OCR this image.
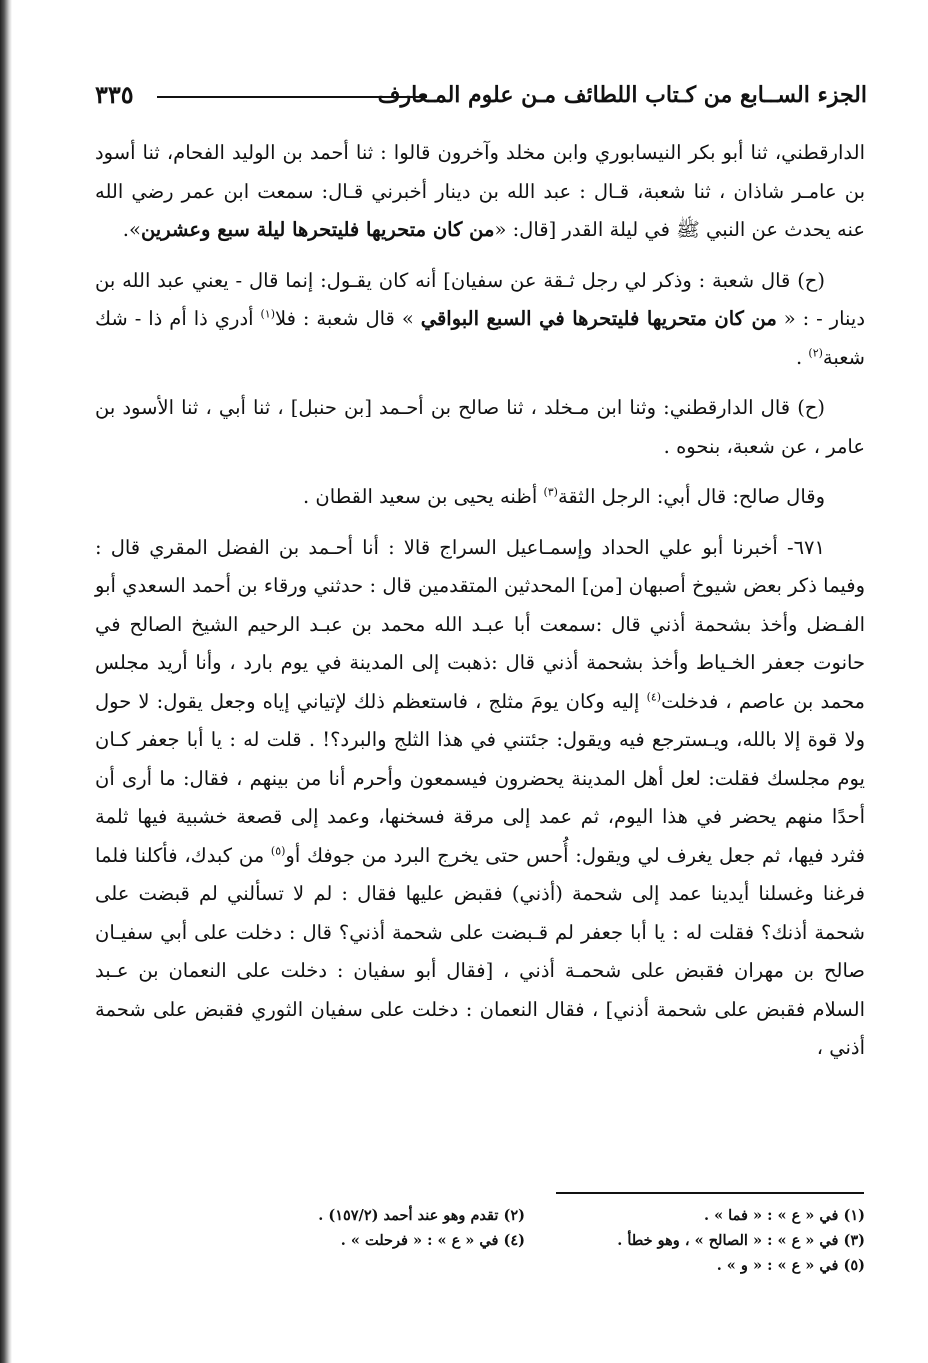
الجزء الســابع من كـتاب اللطائف مـن علوم المـعارف
٣٣٥

الدارقطني، ثنا أبو بكر النيسابوري وابن مخلد وآخرون قالوا : ثنا أحمد بن الوليد الفحام، ثنا أسود بن عامـر شاذان ، ثنا شعبة، قـال : عبد الله بن دينار أخبرني قـال: سمعت ابن عمر رضي الله عنه يحدث عن النبي ﷺ في ليلة القدر [قال: «من كان متحريها فليتحرها ليلة سبع وعشرين».

(ح) قال شعبة : وذكر لي رجل ثـقة عن سفيان] أنه كان يقـول: إنما قال - يعني عبد الله بن دينار - : « من كان متحريها فليتحرها في السبع البواقي » قال شعبة : فلا$^{(١)}$ أدري ذا أم ذا - شك شعبة$^{(٢)}$ .

(ح) قال الدارقطني: وثنا ابن مـخلد ، ثنا صالح بن أحـمد [بن حنبل] ، ثنا أبي ، ثنا الأسود بن عامر ، عن شعبة، بنحوه .

وقال صالح: قال أبي: الرجل الثقة$^{(٣)}$ أظنه يحيى بن سعيد القطان .

٦٧١- أخبرنا أبو علي الحداد وإسمـاعيل السراج قالا : أنا أحـمد بن الفضل المقري قال : وفيما ذكر بعض شيوخ أصبهان [من] المحدثين المتقدمين قال : حدثني ورقاء بن أحمد السعدي أبو الفـضل وأخذ بشحمة أذني قال :سمعت أبا عبـد الله محمد بن عبـد الرحيم الشيخ الصالح في حانوت جعفر الخـياط وأخذ بشحمة أذني قال :ذهبت إلى المدينة في يوم بارد ، وأنا أريد مجلس محمد بن عاصم ، فدخلت$^{(٤)}$ إليه وكان يومَ مثلج ، فاستعظم ذلك لإتياني إياه وجعل يقول: لا حول ولا قوة إلا بالله، ويـسترجع فيه ويقول: جئتني في هذا الثلج والبرد؟! . قلت له : يا أبا جعفر كـان يوم مجلسك فقلت: لعل أهل المدينة يحضرون فيسمعون وأحرم أنا من بينهم ، فقال: ما أرى أن أحدًا منهم يحضر في هذا اليوم، ثم عمد إلى مرقة فسخنها، وعمد إلى قصعة خشبية فيها ثلمة فثرد فيها، ثم جعل يغرف لي ويقول: أُحس حتى يخرج البرد من جوفك أو$^{(٥)}$ من كبدك، فأكلنا فلما فرغنا وغسلنا أيدينا عمد إلى شحمة (أذني) فقبض عليها فقال : لم لا تسألني لم قبضت على شحمة أذنك؟ فقلت له : يا أبا جعفر لم قـبضت على شحمة أذني؟ قال : دخلت على أبي سفيـان صالح بن مهران فقبض على شحمـة أذني ، [فقال أبو سفيان : دخلت على النعمان بن عـبد السلام فقبض على شحمة أذني] ، فقال النعمان : دخلت على سفيان الثوري فقبض على شحمة أذني ،

(١) في « ع » : « فما » .
(٣) في « ع » : « الصالح » ، وهو خطأ .
(٥) في « ع » : « و » .
(٢) تقدم وهو عند أحمد (١٥٧/٢) .
(٤) في « ع » : « فرحلت » .
